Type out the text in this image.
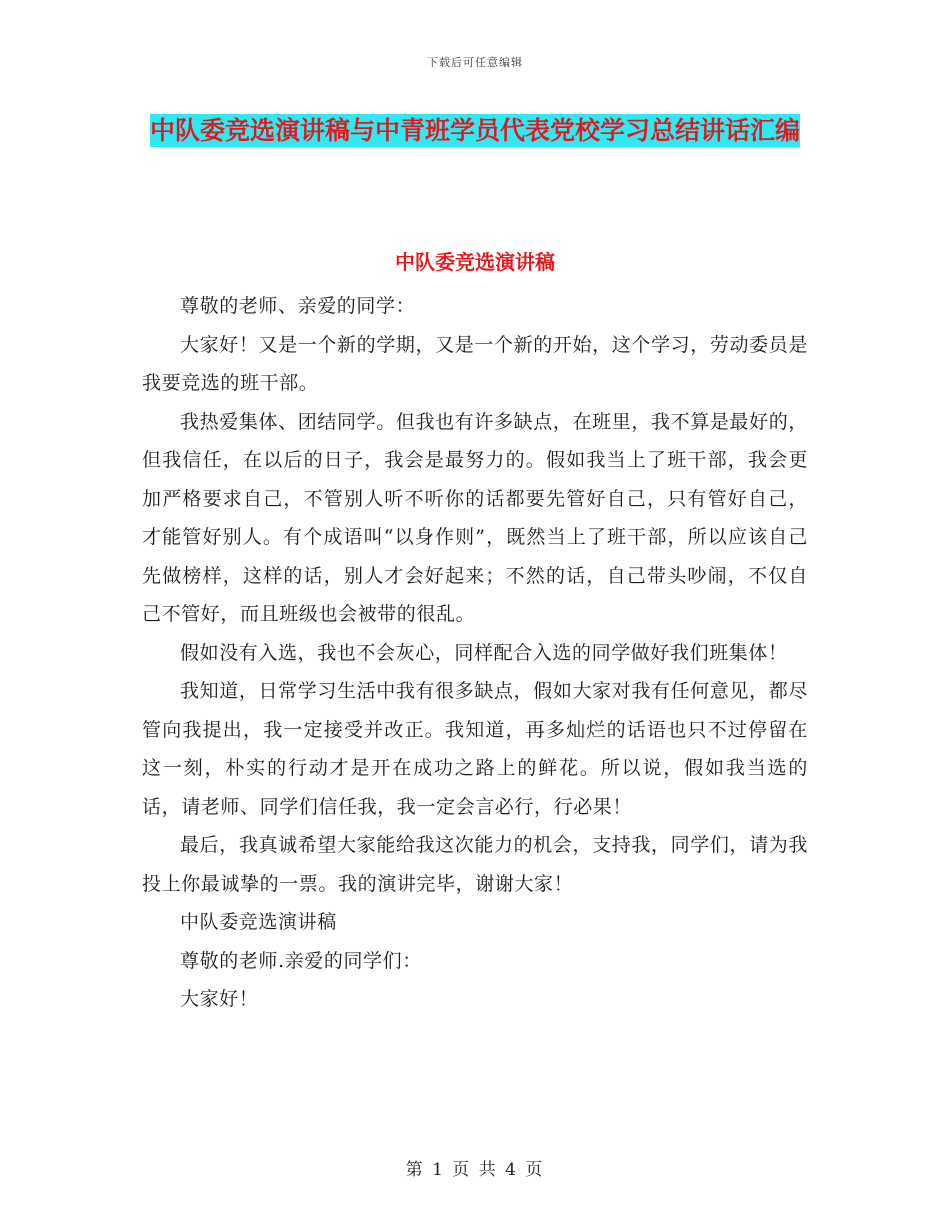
下载后可任意编辑
中队委竞选演讲稿与中青班学员代表党校学习总结讲话汇编
中队委竞选演讲稿

尊敬的老师、亲爱的同学：

大家好！又是一个新的学期，又是一个新的开始，这个学习，劳动委员是我要竞选的班干部。

我热爱集体、团结同学。但我也有许多缺点，在班里，我不算是最好的，但我信任，在以后的日子，我会是最努力的。假如我当上了班干部，我会更加严格要求自己，不管别人听不听你的话都要先管好自己，只有管好自己，才能管好别人。有个成语叫“以身作则”，既然当上了班干部，所以应该自己先做榜样，这样的话，别人才会好起来；不然的话，自己带头吵闹，不仅自己不管好，而且班级也会被带的很乱。

假如没有入选，我也不会灰心，同样配合入选的同学做好我们班集体！

我知道，日常学习生活中我有很多缺点，假如大家对我有任何意见，都尽管向我提出，我一定接受并改正。我知道，再多灿烂的话语也只不过停留在这一刻，朴实的行动才是开在成功之路上的鲜花。所以说，假如我当选的话，请老师、同学们信任我，我一定会言必行，行必果！

最后，我真诚希望大家能给我这次能力的机会，支持我，同学们，请为我投上你最诚挚的一票。我的演讲完毕，谢谢大家！

中队委竞选演讲稿

尊敬的老师.亲爱的同学们：

大家好！

第 1 页 共 4 页
